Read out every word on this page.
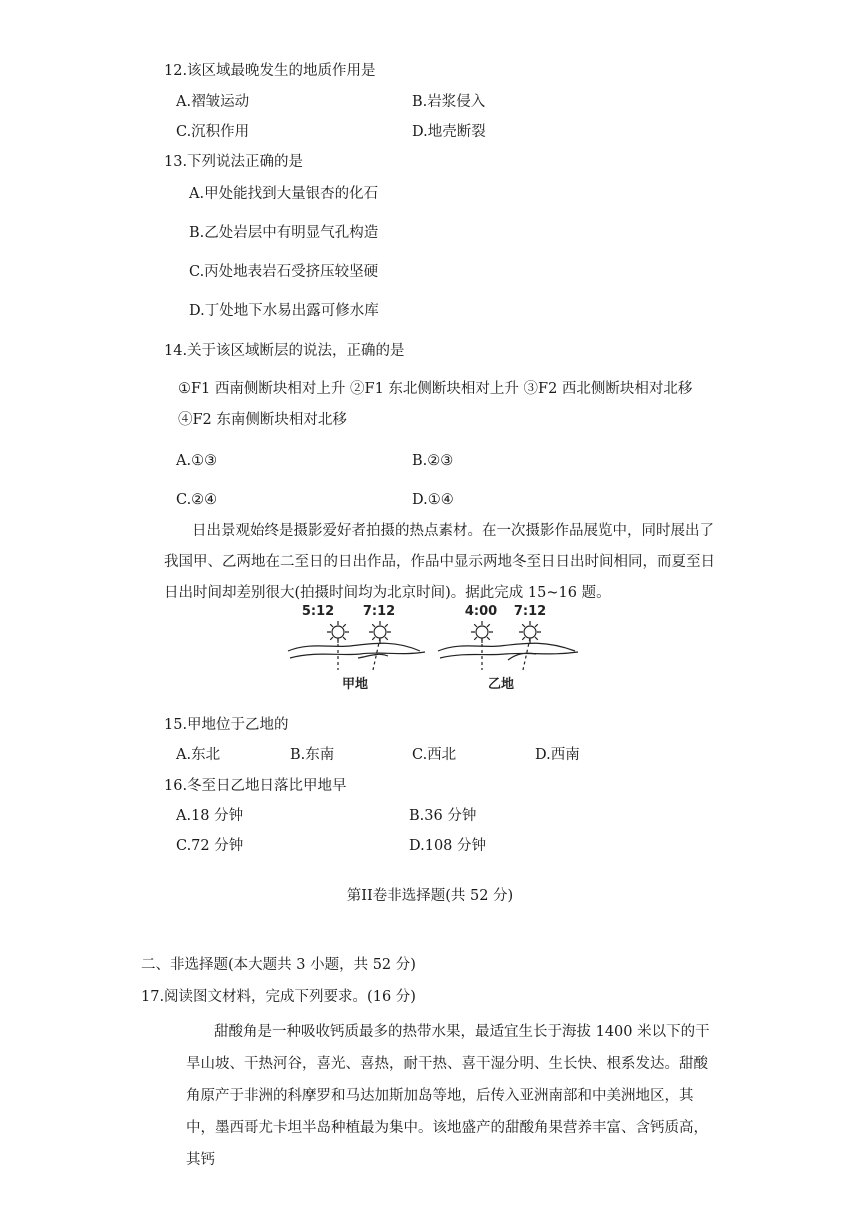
12.该区域最晚发生的地质作用是
A.褶皱运动	B.岩浆侵入
C.沉积作用	D.地壳断裂
13.下列说法正确的是
A.甲处能找到大量银杏的化石
B.乙处岩层中有明显气孔构造
C.丙处地表岩石受挤压较坚硬
D.丁处地下水易出露可修水库
14.关于该区域断层的说法，正确的是
①F1 西南侧断块相对上升 ②F1 东北侧断块相对上升 ③F2 西北侧断块相对北移 ④F2 东南侧断块相对北移
A.①③	B.②③
C.②④	D.①④
日出景观始终是摄影爱好者拍摄的热点素材。在一次摄影作品展览中，同时展出了我国甲、乙两地在二至日的日出作品，作品中显示两地冬至日日出时间相同，而夏至日日出时间却差别很大(拍摄时间均为北京时间)。据此完成 15~16 题。
5:12 7:12	4:00 7:12
甲地	乙地
15.甲地位于乙地的
A.东北	B.东南	C.西北	D.西南
16.冬至日乙地日落比甲地早
A.18 分钟	B.36 分钟
C.72 分钟	D.108 分钟
第II卷非选择题(共 52 分)
二、非选择题(本大题共 3 小题，共 52 分)
17.阅读图文材料，完成下列要求。(16 分)
甜酸角是一种吸收钙质最多的热带水果，最适宜生长于海拔 1400 米以下的干旱山坡、干热河谷，喜光、喜热，耐干热、喜干湿分明、生长快、根系发达。甜酸角原产于非洲的科摩罗和马达加斯加岛等地，后传入亚洲南部和中美洲地区，其中，墨西哥尤卡坦半岛种植最为集中。该地盛产的甜酸角果营养丰富、含钙质高，其钙
